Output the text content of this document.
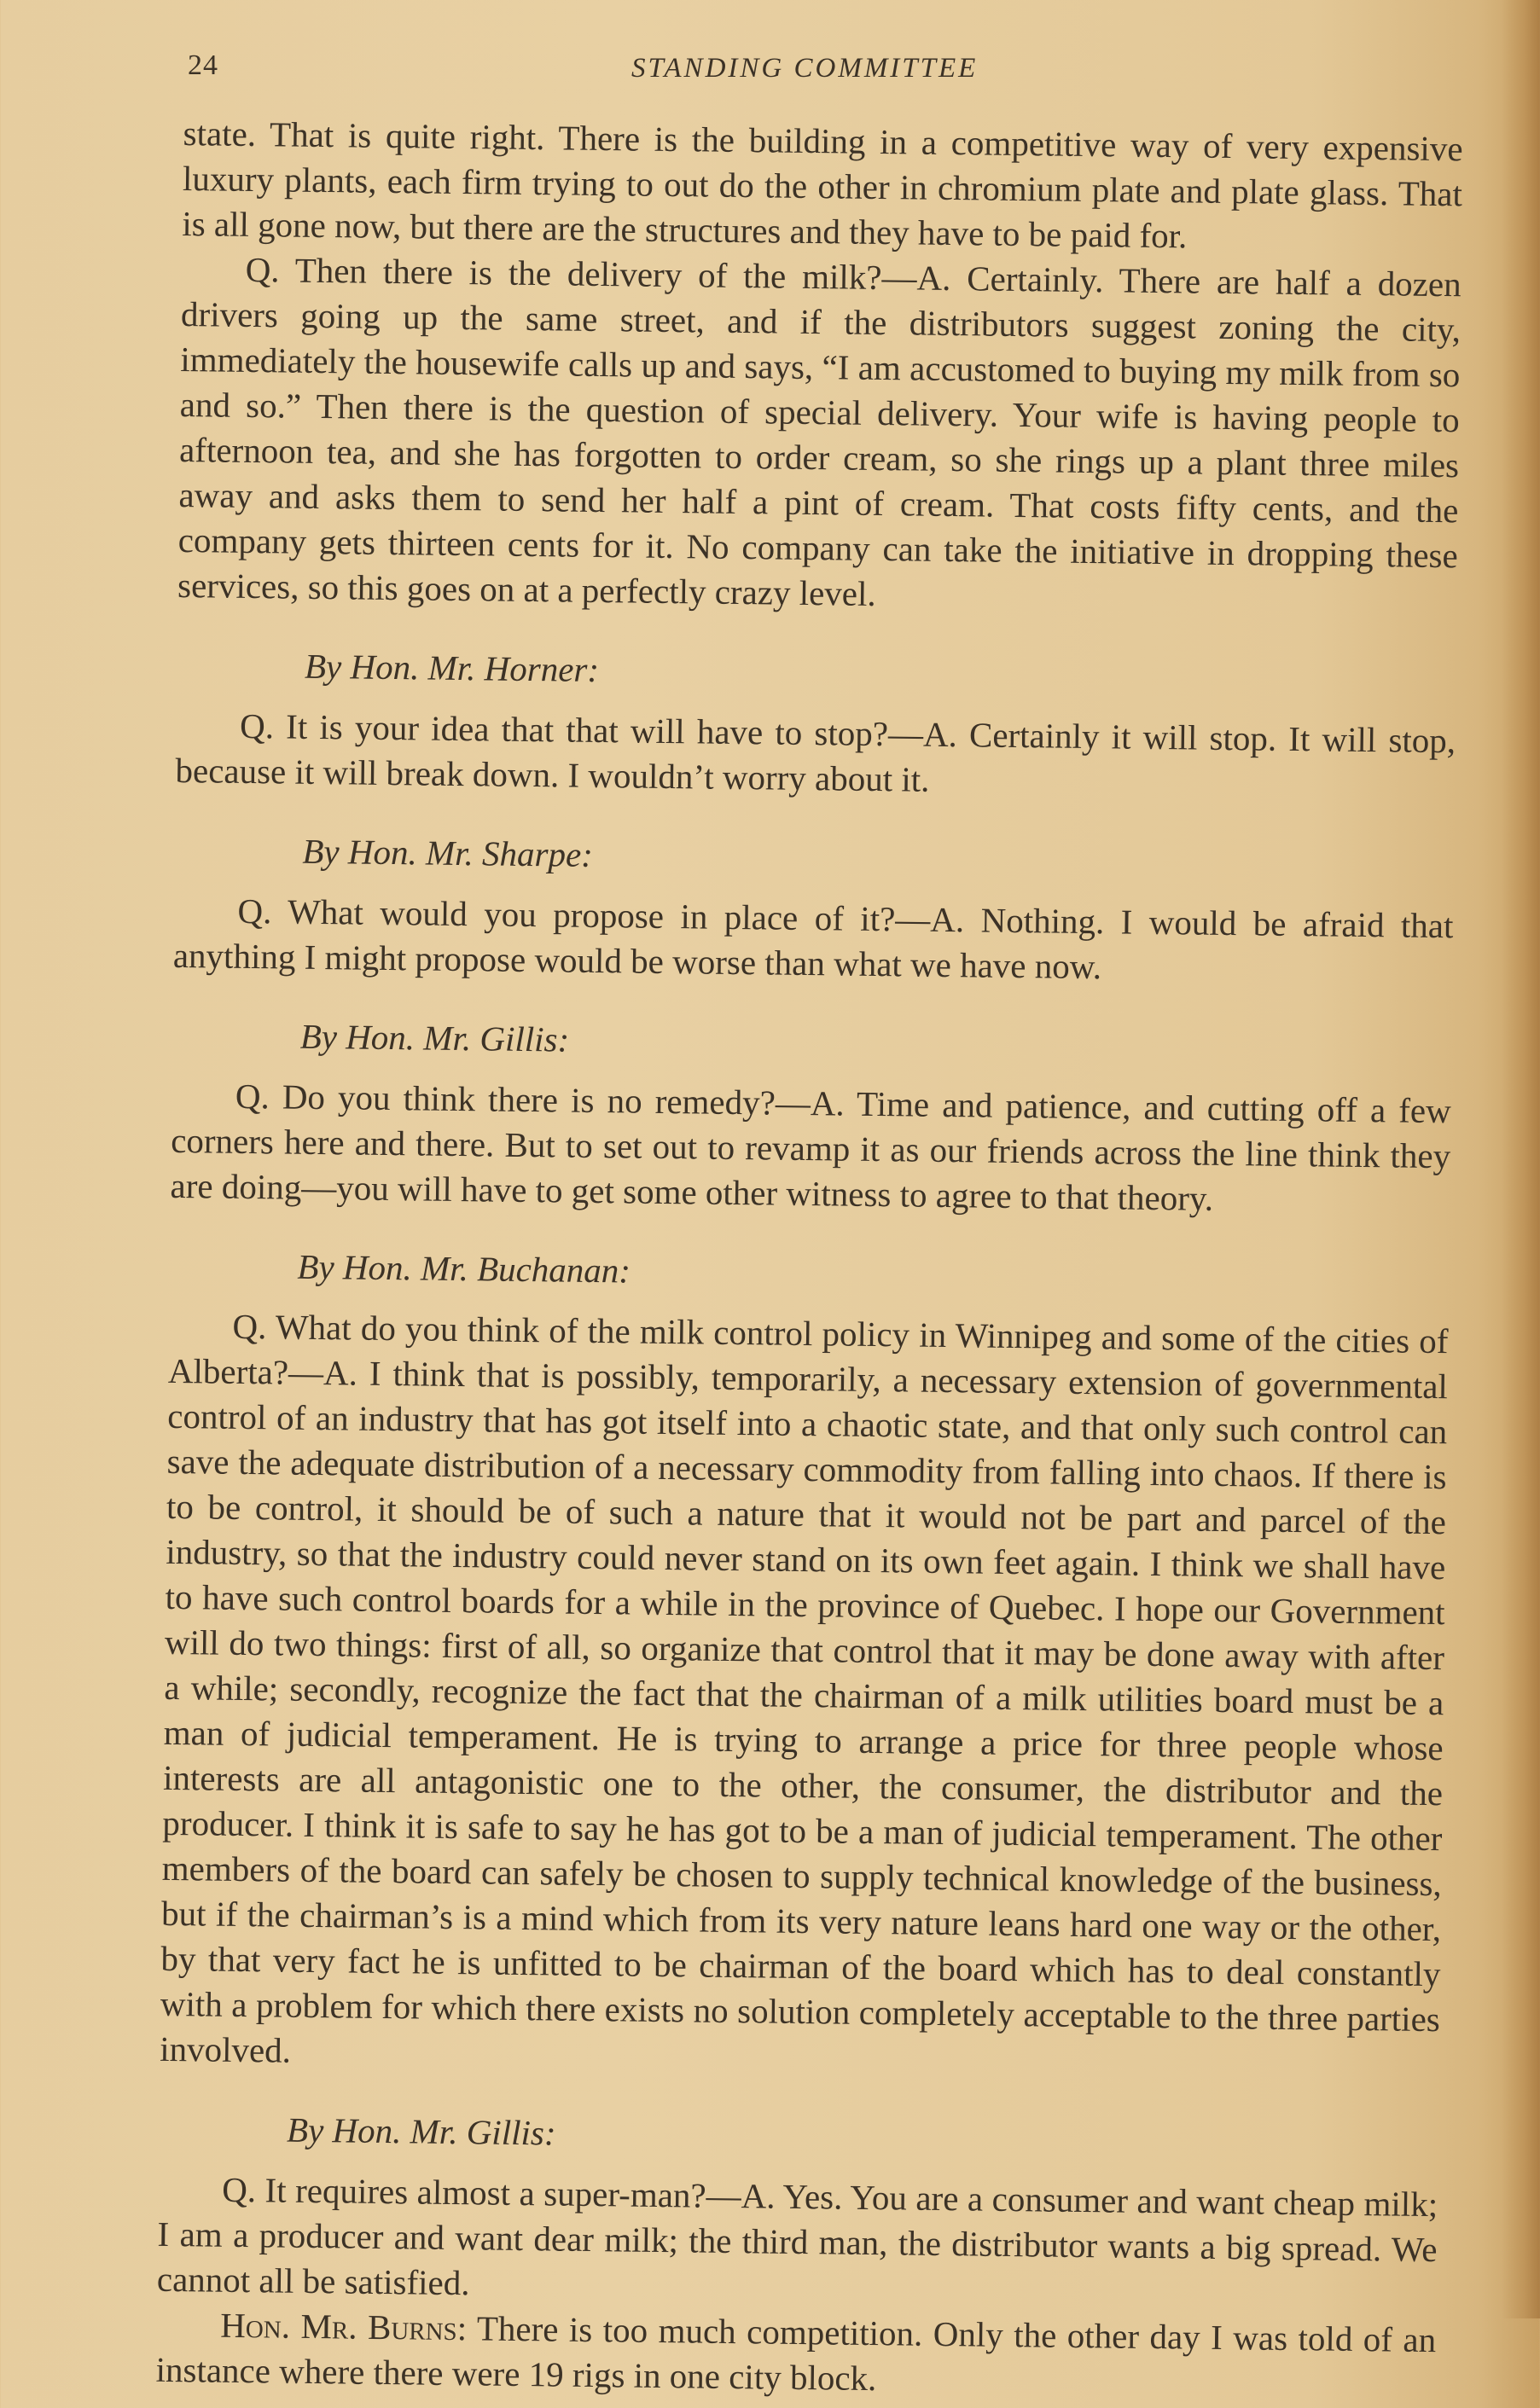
24	STANDING COMMITTEE

state. That is quite right. There is the building in a competitive way of very expensive luxury plants, each firm trying to out do the other in chromium plate and plate glass. That is all gone now, but there are the structures and they have to be paid for.

Q. Then there is the delivery of the milk?—A. Certainly. There are half a dozen drivers going up the same street, and if the distributors suggest zoning the city, immediately the housewife calls up and says, “I am accustomed to buying my milk from so and so.” Then there is the question of special delivery. Your wife is having people to afternoon tea, and she has forgotten to order cream, so she rings up a plant three miles away and asks them to send her half a pint of cream. That costs fifty cents, and the company gets thirteen cents for it. No company can take the initiative in dropping these services, so this goes on at a perfectly crazy level.

By Hon. Mr. Horner:

Q. It is your idea that that will have to stop?—A. Certainly it will stop. It will stop, because it will break down. I wouldn’t worry about it.

By Hon. Mr. Sharpe:

Q. What would you propose in place of it?—A. Nothing. I would be afraid that anything I might propose would be worse than what we have now.

By Hon. Mr. Gillis:

Q. Do you think there is no remedy?—A. Time and patience, and cutting off a few corners here and there. But to set out to revamp it as our friends across the line think they are doing—you will have to get some other witness to agree to that theory.

By Hon. Mr. Buchanan:

Q. What do you think of the milk control policy in Winnipeg and some of the cities of Alberta?—A. I think that is possibly, temporarily, a necessary extension of governmental control of an industry that has got itself into a chaotic state, and that only such control can save the adequate distribution of a necessary commodity from falling into chaos. If there is to be control, it should be of such a nature that it would not be part and parcel of the industry, so that the industry could never stand on its own feet again. I think we shall have to have such control boards for a while in the province of Quebec. I hope our Government will do two things: first of all, so organize that control that it may be done away with after a while; secondly, recognize the fact that the chairman of a milk utilities board must be a man of judicial temperament. He is trying to arrange a price for three people whose interests are all antagonistic one to the other, the consumer, the distributor and the producer. I think it is safe to say he has got to be a man of judicial temperament. The other members of the board can safely be chosen to supply technical knowledge of the business, but if the chairman’s is a mind which from its very nature leans hard one way or the other, by that very fact he is unfitted to be chairman of the board which has to deal constantly with a problem for which there exists no solution completely acceptable to the three parties involved.

By Hon. Mr. Gillis:

Q. It requires almost a super-man?—A. Yes. You are a consumer and want cheap milk; I am a producer and want dear milk; the third man, the distributor wants a big spread. We cannot all be satisfied.

Hon. Mr. Burns: There is too much competition. Only the other day I was told of an instance where there were 19 rigs in one city block.
